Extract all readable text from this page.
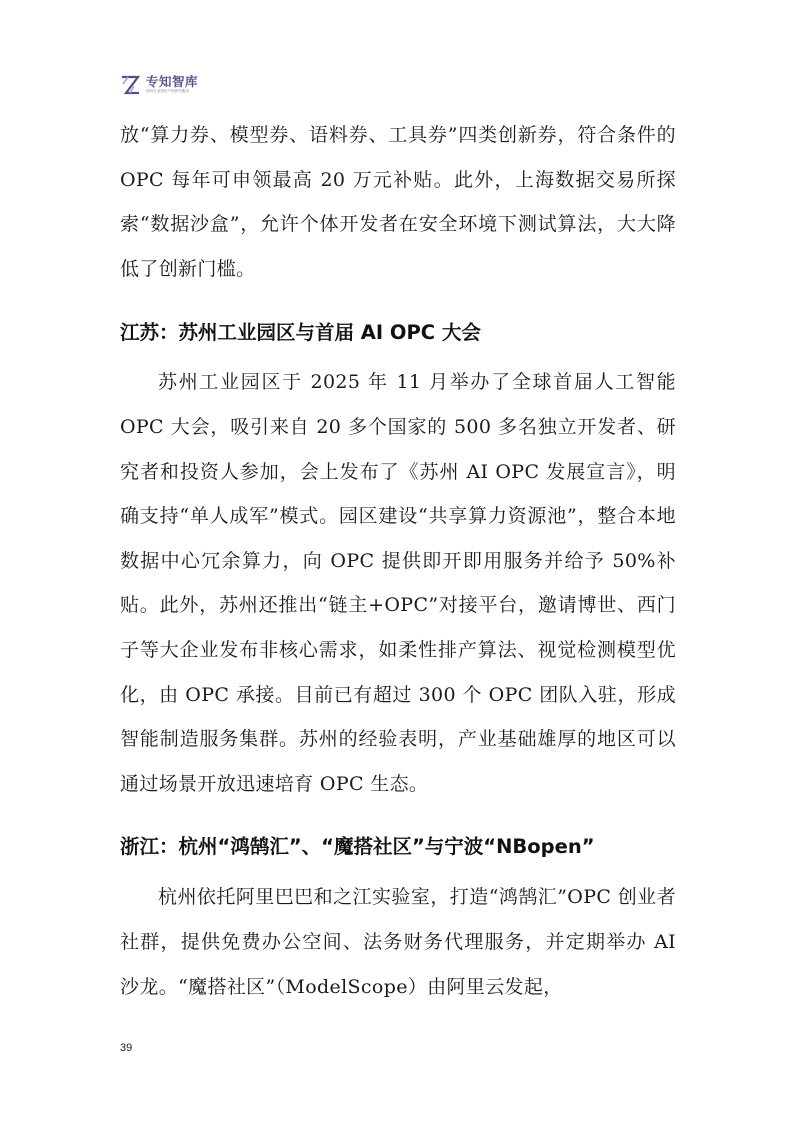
专知智库
面向专业知识产权研究服务

放“算力券、模型券、语料券、工具券”四类创新券，符合条件的 OPC 每年可申领最高 20 万元补贴。此外，上海数据交易所探索“数据沙盒”，允许个体开发者在安全环境下测试算法，大大降低了创新门槛。

江苏：苏州工业园区与首届 AI OPC 大会

苏州工业园区于 2025 年 11 月举办了全球首届人工智能 OPC 大会，吸引来自 20 多个国家的 500 多名独立开发者、研究者和投资人参加，会上发布了《苏州 AI OPC 发展宣言》，明确支持“单人成军”模式。园区建设“共享算力资源池”，整合本地数据中心冗余算力，向 OPC 提供即开即用服务并给予 50%补贴。此外，苏州还推出“链主+OPC”对接平台，邀请博世、西门子等大企业发布非核心需求，如柔性排产算法、视觉检测模型优化，由 OPC 承接。目前已有超过 300 个 OPC 团队入驻，形成智能制造服务集群。苏州的经验表明，产业基础雄厚的地区可以通过场景开放迅速培育 OPC 生态。

浙江：杭州“鸿鹄汇”、“魔搭社区”与宁波“NBopen”

杭州依托阿里巴巴和之江实验室，打造“鸿鹄汇”OPC 创业者社群，提供免费办公空间、法务财务代理服务，并定期举办 AI 沙龙。“魔搭社区”（ModelScope）由阿里云发起，

39
